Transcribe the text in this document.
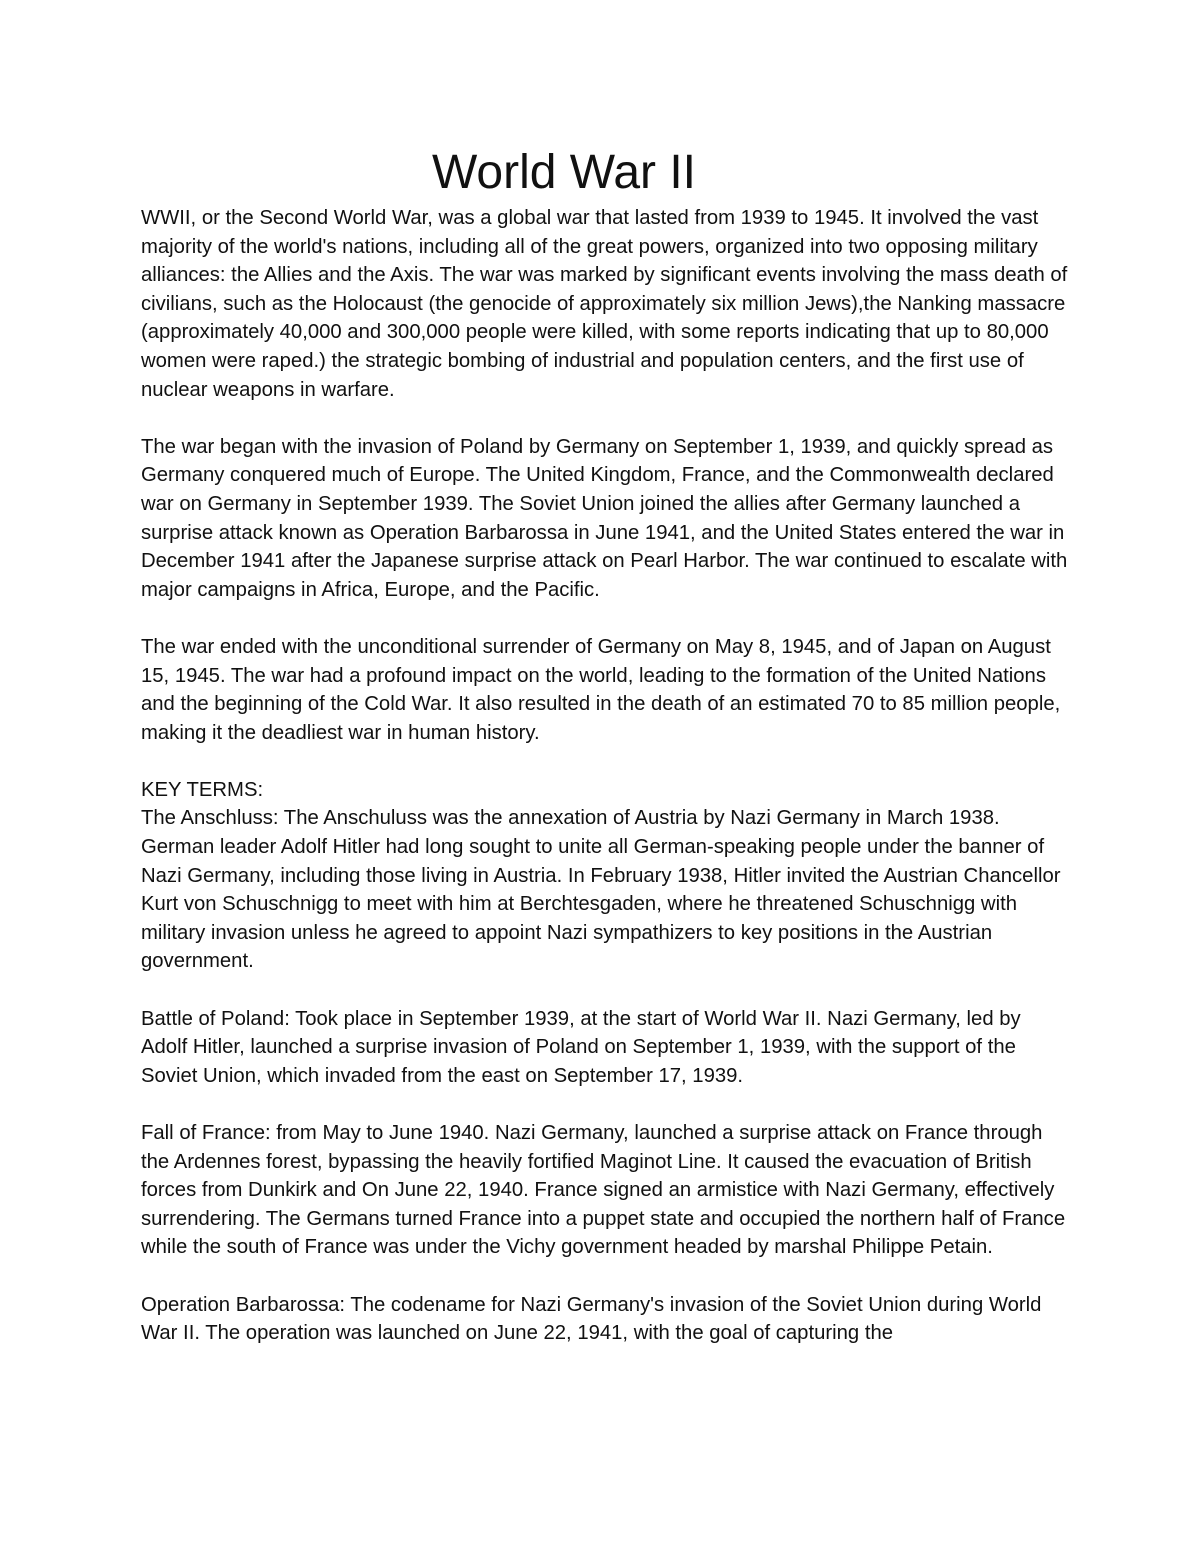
World War II

WWII, or the Second World War, was a global war that lasted from 1939 to 1945. It involved the vast majority of the world's nations, including all of the great powers, organized into two opposing military alliances: the Allies and the Axis. The war was marked by significant events involving the mass death of civilians, such as the Holocaust (the genocide of approximately six million Jews),the Nanking massacre (approximately 40,000 and 300,000 people were killed, with some reports indicating that up to 80,000 women were raped.) the strategic bombing of industrial and population centers, and the first use of nuclear weapons in warfare.

The war began with the invasion of Poland by Germany on September 1, 1939, and quickly spread as Germany conquered much of Europe. The United Kingdom, France, and the Commonwealth declared war on Germany in September 1939. The Soviet Union joined the allies after Germany launched a surprise attack known as Operation Barbarossa in June 1941, and the United States entered the war in December 1941 after the Japanese surprise attack on Pearl Harbor. The war continued to escalate with major campaigns in Africa, Europe, and the Pacific.

The war ended with the unconditional surrender of Germany on May 8, 1945, and of Japan on August 15, 1945. The war had a profound impact on the world, leading to the formation of the United Nations and the beginning of the Cold War. It also resulted in the death of an estimated 70 to 85 million people, making it the deadliest war in human history.

KEY TERMS:

The Anschluss: The Anschuluss was the annexation of Austria by Nazi Germany in March 1938. German leader Adolf Hitler had long sought to unite all German-speaking people under the banner of Nazi Germany, including those living in Austria. In February 1938, Hitler invited the Austrian Chancellor Kurt von Schuschnigg to meet with him at Berchtesgaden, where he threatened Schuschnigg with military invasion unless he agreed to appoint Nazi sympathizers to key positions in the Austrian government.

Battle of Poland: Took place in September 1939, at the start of World War II. Nazi Germany, led by Adolf Hitler, launched a surprise invasion of Poland on September 1, 1939, with the support of the Soviet Union, which invaded from the east on September 17, 1939.

Fall of France: from May to June 1940. Nazi Germany, launched a surprise attack on France through the Ardennes forest, bypassing the heavily fortified Maginot Line. It caused the evacuation of British forces from Dunkirk and On June 22, 1940. France signed an armistice with Nazi Germany, effectively surrendering. The Germans turned France into a puppet state and occupied the northern half of France while the south of France was under the Vichy government headed by marshal Philippe Petain.

Operation Barbarossa: The codename for Nazi Germany's invasion of the Soviet Union during World War II. The operation was launched on June 22, 1941, with the goal of capturing the
